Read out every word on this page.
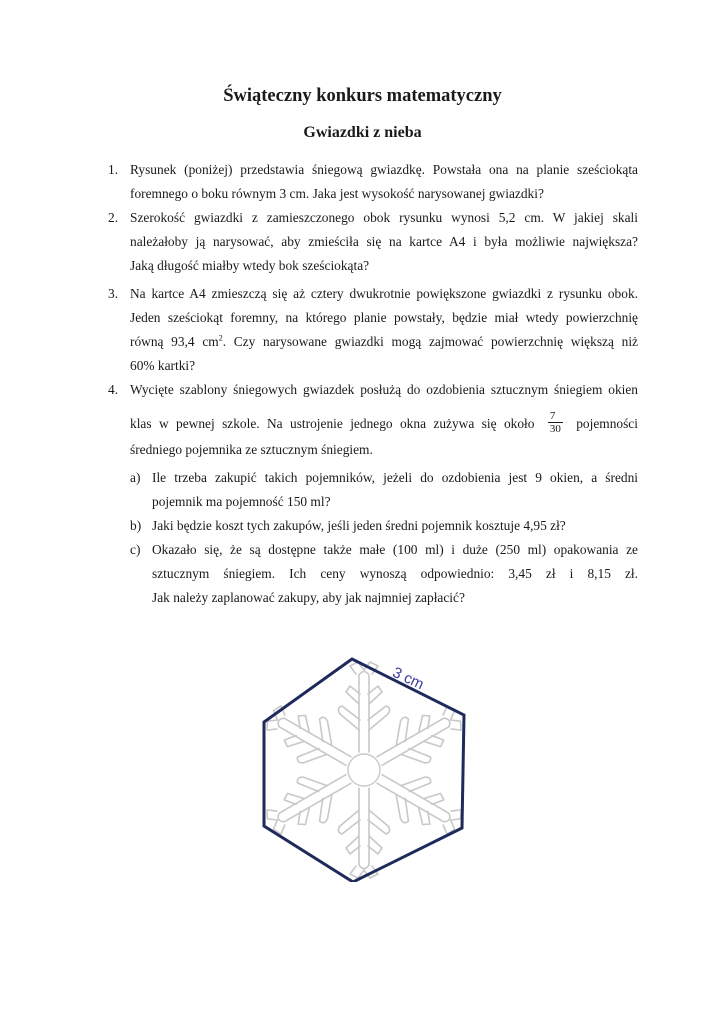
Świąteczny konkurs matematyczny
Gwiazdki z nieba
1. Rysunek (poniżej) przedstawia śniegową gwiazdkę. Powstała ona na planie sześciokąta
foremnego o boku równym 3 cm. Jaka jest wysokość narysowanej gwiazdki?
2. Szerokość gwiazdki z zamieszczonego obok rysunku wynosi 5,2 cm. W jakiej skali
należałoby ją narysować, aby zmieściła się na kartce A4 i była możliwie największa?
Jaką długość miałby wtedy bok sześciokąta?
3. Na kartce A4 zmieszczą się aż cztery dwukrotnie powiększone gwiazdki z rysunku obok.
Jeden sześciokąt foremny, na którego planie powstały, będzie miał wtedy powierzchnię
równą 93,4 $cm^2$. Czy narysowane gwiazdki mogą zajmować powierzchnię większą niż
60% kartki?
4. Wycięte szablony śniegowych gwiazdek posłużą do ozdobienia sztucznym śniegiem okien
klas w pewnej szkole. Na ustrojenie jednego okna zużywa się około $\frac{7}{30}$ pojemności
średniego pojemnika ze sztucznym śniegiem.
a) Ile trzeba zakupić takich pojemników, jeżeli do ozdobienia jest 9 okien, a średni
pojemnik ma pojemność 150 ml?
b) Jaki będzie koszt tych zakupów, jeśli jeden średni pojemnik kosztuje 4,95 zł?
c) Okazało się, że są dostępne także małe (100 ml) i duże (250 ml) opakowania ze
sztucznym śniegiem. Ich ceny wynoszą odpowiednio: 3,45 zł i 8,15 zł.
Jak należy zaplanować zakupy, aby jak najmniej zapłacić?
3 cm
